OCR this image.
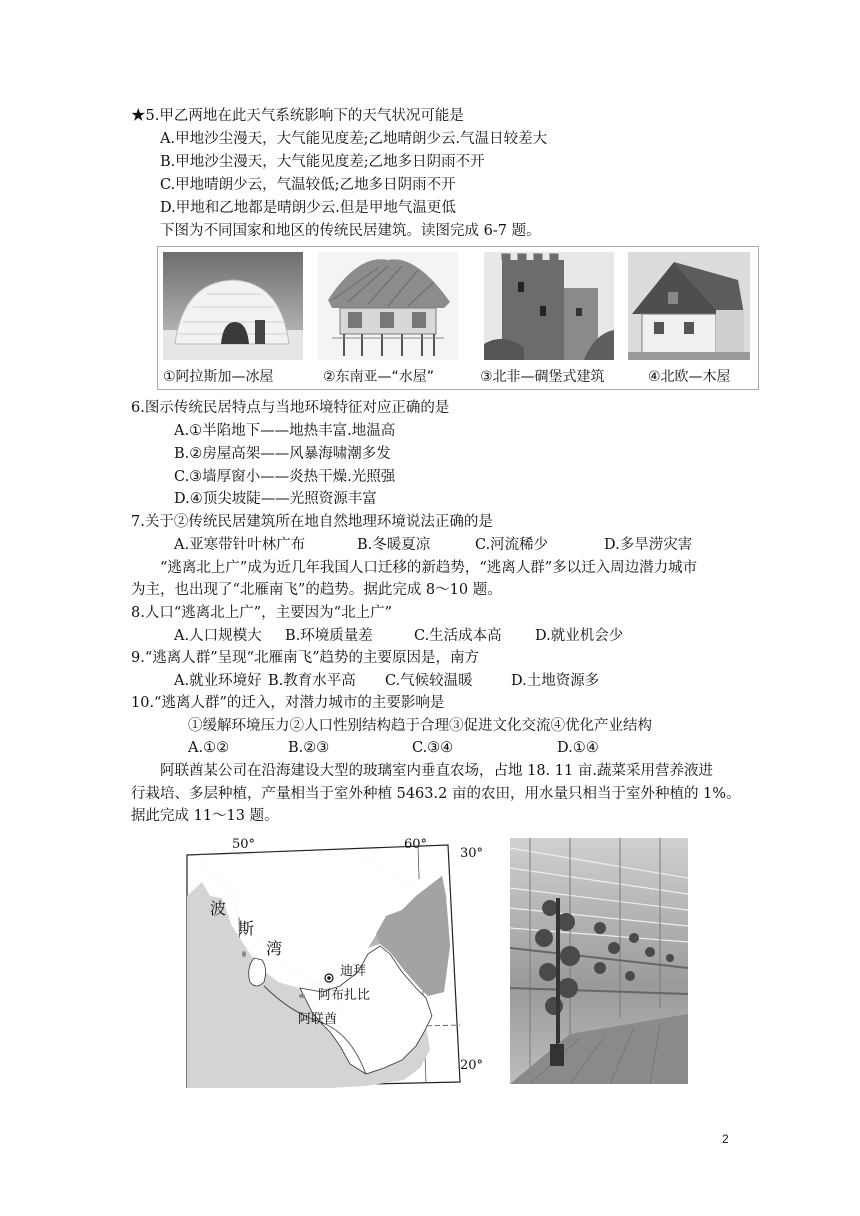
★5.甲乙两地在此天气系统影响下的天气状况可能是
A.甲地沙尘漫天，大气能见度差;乙地晴朗少云.气温日较差大
B.甲地沙尘漫天，大气能见度差;乙地多日阴雨不开
C.甲地晴朗少云，气温较低;乙地多日阴雨不开
D.甲地和乙地都是晴朗少云.但是甲地气温更低
下图为不同国家和地区的传统民居建筑。读图完成 6-7 题。
①阿拉斯加—冰屋	②东南亚—“水屋”	③北非—碉堡式建筑	④北欧—木屋
6.图示传统民居特点与当地环境特征对应正确的是
A.①半陷地下——地热丰富.地温高
B.②房屋高架——风暴海啸潮多发
C.③墙厚窗小——炎热干燥.光照强
D.④顶尖坡陡——光照资源丰富
7.关于②传统民居建筑所在地自然地理环境说法正确的是
A.亚寒带针叶林广布	B.冬暖夏凉	C.河流稀少	D.多旱涝灾害
“逃离北上广”成为近几年我国人口迁移的新趋势，“逃离人群”多以迁入周边潜力城市
为主，也出现了“北雁南飞”的趋势。据此完成 8～10 题。
8.人口“逃离北上广”，主要因为“北上广”
A.人口规模大 B.环境质量差	C.生活成本高 D.就业机会少
9.“逃离人群”呈现“北雁南飞”趋势的主要原因是，南方
A.就业环境好 B.教育水平高 C.气候较温暖	D.土地资源多
10.“逃离人群”的迁入，对潜力城市的主要影响是
①缓解环境压力②人口性别结构趋于合理③促进文化交流④优化产业结构
A.①②	B.②③	C.③④	D.①④
阿联酋某公司在沿海建设大型的玻璃室内垂直农场，占地 18. 11 亩.蔬菜采用营养液进
行栽培、多层种植，产量相当于室外种植 5463.2 亩的农田，用水量只相当于室外种植的 1%。
据此完成 11～13 题。
50°	60°
30°
20°
波
斯
湾
迪拜
阿布扎比
阿联酋
2
